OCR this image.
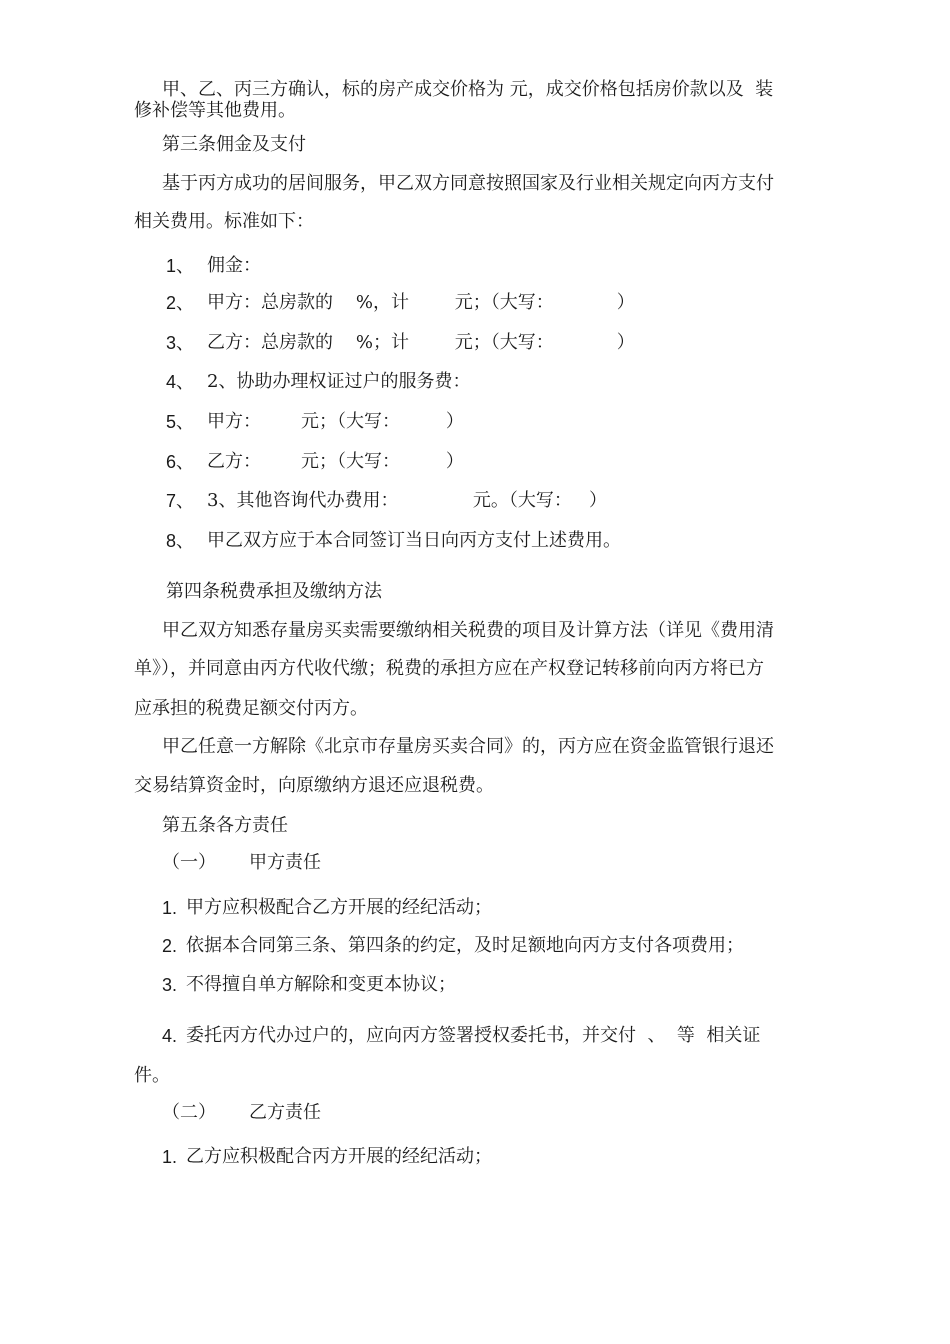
甲、乙、丙三方确认，标的房产成交价格为 元，成交价格包括房价款以及  装
修补偿等其他费用。
第三条佣金及支付
基于丙方成功的居间服务，甲乙双方同意按照国家及行业相关规定向丙方支付
相关费用。标准如下：
1、 佣金：
2、 甲方：总房款的    %，计        元；（大写：           ）
3、 乙方：总房款的    %；计        元；（大写：           ）
4、 2、协助办理权证过户的服务费：
5、 甲方：       元；（大写：        ）
6、 乙方：       元；（大写：        ）
7、 3、其他咨询代办费用：             元。（大写：   ）
8、 甲乙双方应于本合同签订当日向丙方支付上述费用。
第四条税费承担及缴纳方法
甲乙双方知悉存量房买卖需要缴纳相关税费的项目及计算方法（详见《费用清
单》），并同意由丙方代收代缴；税费的承担方应在产权登记转移前向丙方将已方
应承担的税费足额交付丙方。
甲乙任意一方解除《北京市存量房买卖合同》的，丙方应在资金监管银行退还
交易结算资金时，向原缴纳方退还应退税费。
第五条各方责任
（一） 甲方责任
1. 甲方应积极配合乙方开展的经纪活动；
2. 依据本合同第三条、第四条的约定，及时足额地向丙方支付各项费用；
3. 不得擅自单方解除和变更本协议；
4. 委托丙方代办过户的，应向丙方签署授权委托书，并交付  、  等  相关证
件。
（二） 乙方责任
1. 乙方应积极配合丙方开展的经纪活动；
